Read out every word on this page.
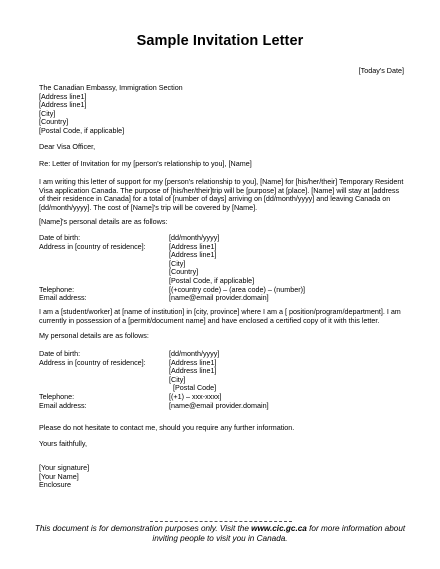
Sample Invitation Letter
[Today's Date]
The Canadian Embassy, Immigration Section
[Address line1]
[Address line1]
[City]
[Country]
[Postal Code, if applicable]
Dear Visa Officer,
Re: Letter of Invitation for my [person's relationship to you], [Name]
I am writing this letter of support for my [person's relationship to you], [Name] for [his/her/their] Temporary Resident Visa application Canada. The purpose of [his/her/their]trip will be [purpose] at [place]. [Name] will stay at [address of their residence in Canada] for a total of [number of days] arriving on [dd/month/yyyy] and leaving Canada on [dd/month/yyyy]. The cost of [Name]'s trip will be covered by [Name].
[Name]'s personal details are as follows:
Date of birth:	[dd/month/yyyy]
Address in [country of residence]:	[Address line1]
[Address line1]
[City]
[Country]
[Postal Code, if applicable]
Telephone:	[(+country code) – (area code) – (number)]
Email address:	[name@email provider.domain]
I am a [student/worker] at [name of institution] in [city, province] where I am a [ position/program/department]. I am currently in possession of a [permit/document name] and have enclosed a certified copy of it with this letter.
My personal details are as follows:
Date of birth:	[dd/month/yyyy]
Address in [country of residence]:	[Address line1]
[Address line1]
[City]
[Postal Code]
Telephone:	[(+1) – xxx-xxxx]
Email address:	[name@email provider.domain]
Please do not hesitate to contact me, should you require any further information.
Yours faithfully,
[Your signature]
[Your Name]
Enclosure
This document is for demonstration purposes only. Visit the www.cic.gc.ca for more information about
inviting people to visit you in Canada.
